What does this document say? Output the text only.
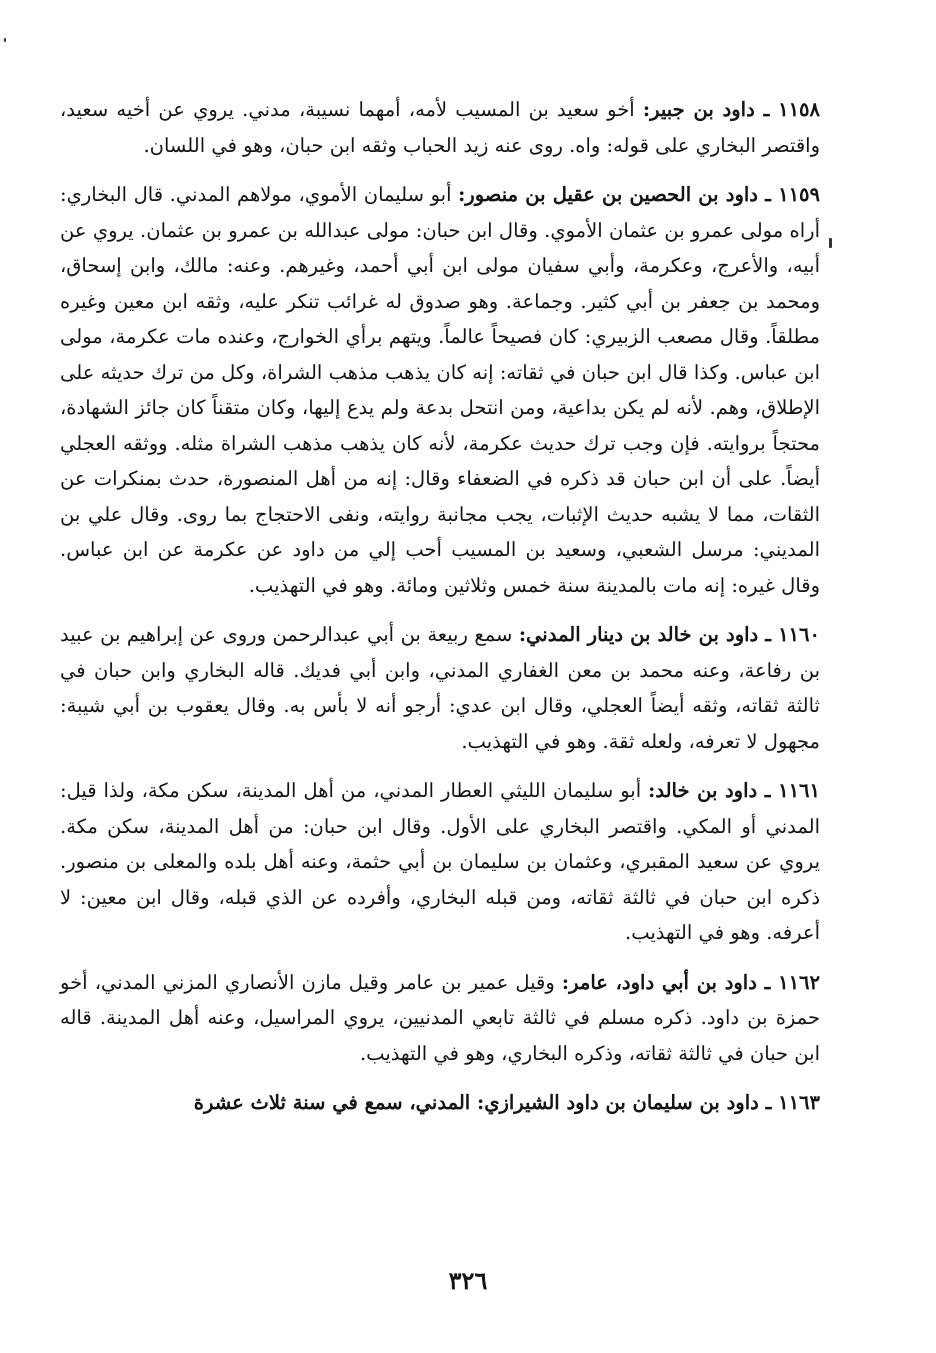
١١٥٨ ـ داود بن جبير: أخو سعيد بن المسيب لأمه، أمهما نسيبة، مدني. يروي عن أخيه سعيد، واقتصر البخاري على قوله: واه. روى عنه زيد الحباب وثقه ابن حبان، وهو في اللسان.

١١٥٩ ـ داود بن الحصين بن عقيل بن منصور: أبو سليمان الأموي، مولاهم المدني. قال البخاري: أراه مولى عمرو بن عثمان الأموي. وقال ابن حبان: مولى عبدالله بن عمرو بن عثمان. يروي عن أبيه، والأعرج، وعكرمة، وأبي سفيان مولى ابن أبي أحمد، وغيرهم. وعنه: مالك، وابن إسحاق، ومحمد بن جعفر بن أبي كثير. وجماعة. وهو صدوق له غرائب تنكر عليه، وثقه ابن معين وغيره مطلقاً. وقال مصعب الزبيري: كان فصيحاً عالماً. ويتهم برأي الخوارج، وعنده مات عكرمة، مولى ابن عباس. وكذا قال ابن حبان في ثقاته: إنه كان يذهب مذهب الشراة، وكل من ترك حديثه على الإطلاق، وهم. لأنه لم يكن بداعية، ومن انتحل بدعة ولم يدع إليها، وكان متقناً كان جائز الشهادة، محتجاً بروايته. فإن وجب ترك حديث عكرمة، لأنه كان يذهب مذهب الشراة مثله. ووثقه العجلي أيضاً. على أن ابن حبان قد ذكره في الضعفاء وقال: إنه من أهل المنصورة، حدث بمنكرات عن الثقات، مما لا يشبه حديث الإثبات، يجب مجانبة روايته، ونفى الاحتجاج بما روى. وقال علي بن المديني: مرسل الشعبي، وسعيد بن المسيب أحب إلي من داود عن عكرمة عن ابن عباس. وقال غيره: إنه مات بالمدينة سنة خمس وثلاثين ومائة. وهو في التهذيب.

١١٦٠ ـ داود بن خالد بن دينار المدني: سمع ربيعة بن أبي عبدالرحمن وروى عن إبراهيم بن عبيد بن رفاعة، وعنه محمد بن معن الغفاري المدني، وابن أبي فديك. قاله البخاري وابن حبان في ثالثة ثقاته، وثقه أيضاً العجلي، وقال ابن عدي: أرجو أنه لا بأس به. وقال يعقوب بن أبي شيبة: مجهول لا تعرفه، ولعله ثقة. وهو في التهذيب.

١١٦١ ـ داود بن خالد: أبو سليمان الليثي العطار المدني، من أهل المدينة، سكن مكة، ولذا قيل: المدني أو المكي. واقتصر البخاري على الأول. وقال ابن حبان: من أهل المدينة، سكن مكة. يروي عن سعيد المقبري، وعثمان بن سليمان بن أبي حثمة، وعنه أهل بلده والمعلى بن منصور. ذكره ابن حبان في ثالثة ثقاته، ومن قبله البخاري، وأفرده عن الذي قبله، وقال ابن معين: لا أعرفه. وهو في التهذيب.

١١٦٢ ـ داود بن أبي داود، عامر: وقيل عمير بن عامر وقيل مازن الأنصاري المزني المدني، أخو حمزة بن داود. ذكره مسلم في ثالثة تابعي المدنيين، يروي المراسيل، وعنه أهل المدينة. قاله ابن حبان في ثالثة ثقاته، وذكره البخاري، وهو في التهذيب.

١١٦٣ ـ داود بن سليمان بن داود الشيرازي: المدني، سمع في سنة ثلاث عشرة

٣٢٦
